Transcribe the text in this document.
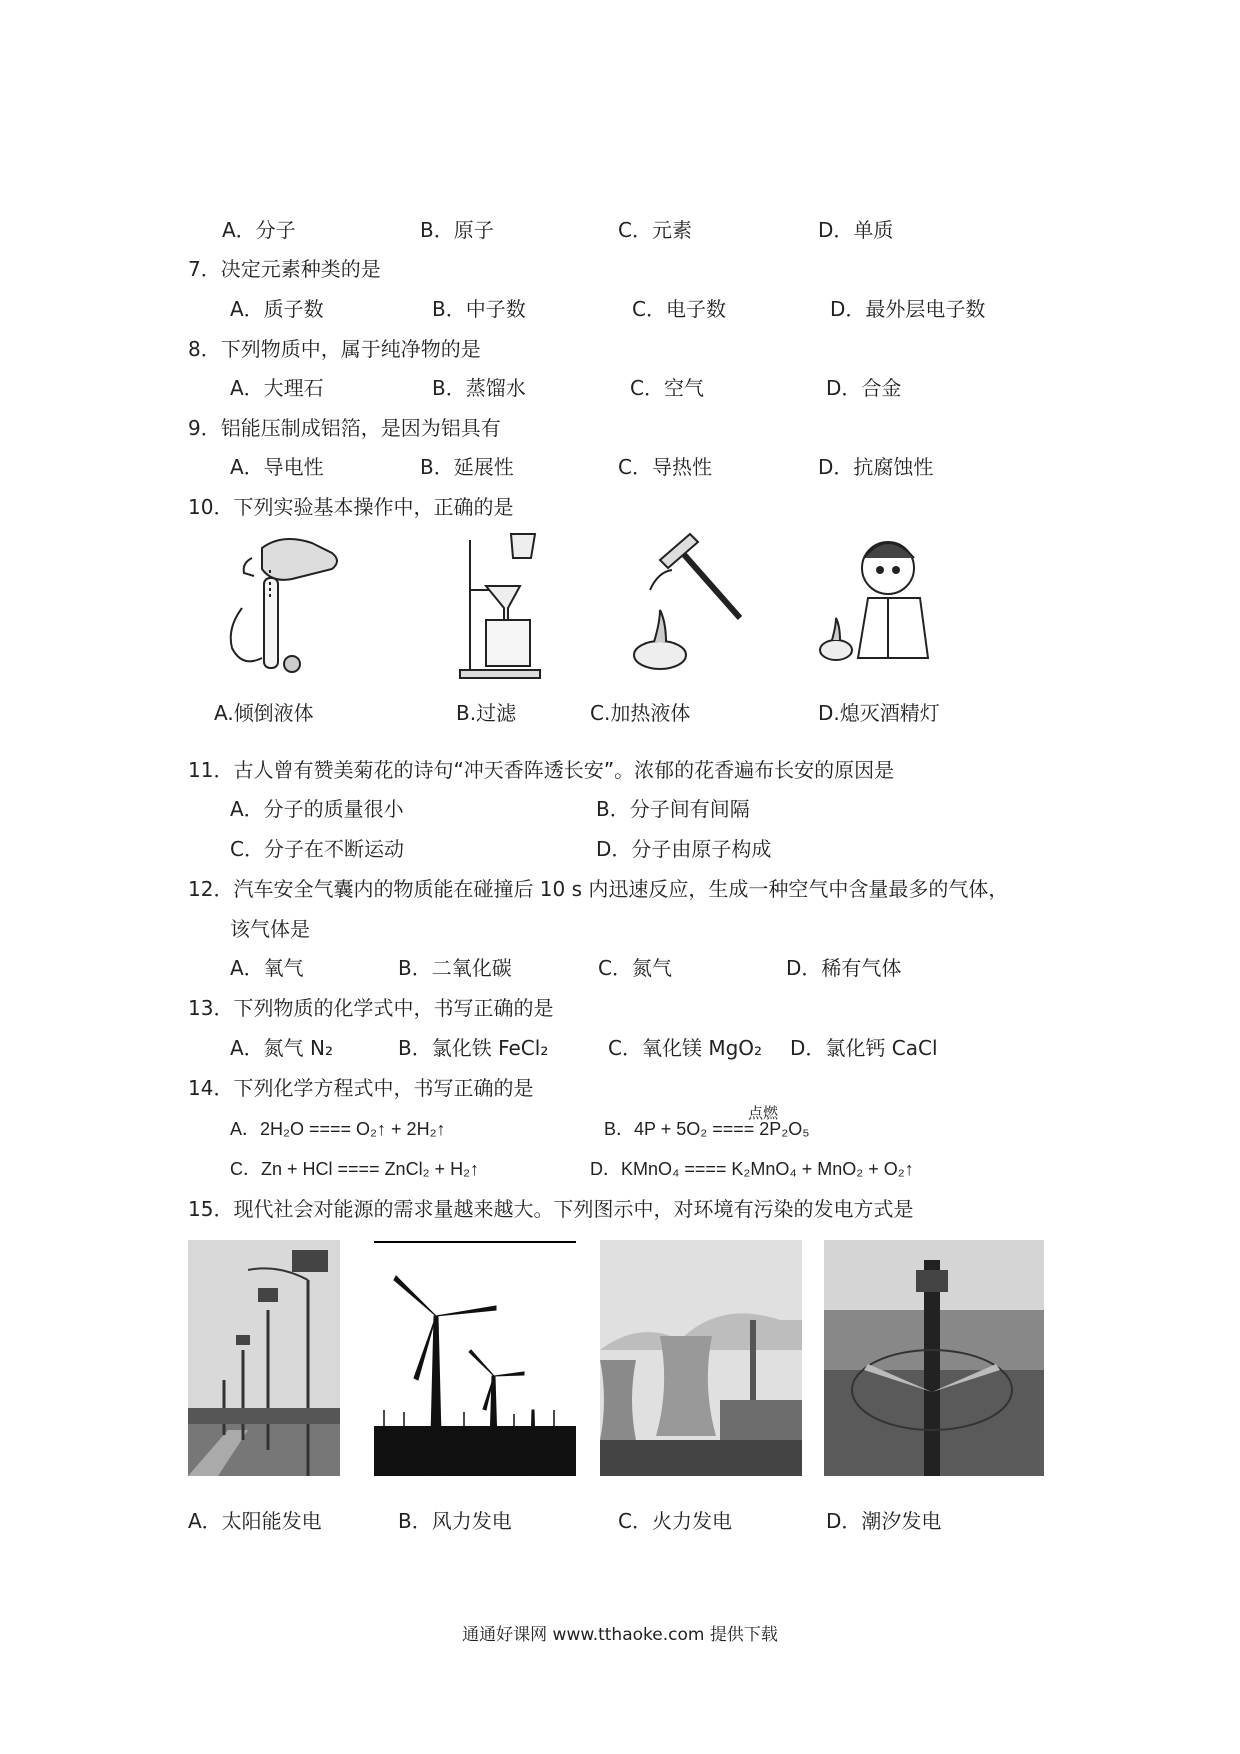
A．分子	B．原子	C．元素	D．单质
7．决定元素种类的是
A．质子数	B．中子数	C．电子数	D．最外层电子数
8．下列物质中，属于纯净物的是
A．大理石	B．蒸馏水	C．空气	D．合金
9．铝能压制成铝箔，是因为铝具有
A．导电性	B．延展性	C．导热性	D．抗腐蚀性
10．下列实验基本操作中，正确的是
A.倾倒液体	B.过滤	C.加热液体	D.熄灭酒精灯
11．古人曾有赞美菊花的诗句“冲天香阵透长安”。浓郁的花香遍布长安的原因是
A．分子的质量很小	B．分子间有间隔
C．分子在不断运动	D．分子由原子构成
12．汽车安全气囊内的物质能在碰撞后 10 s 内迅速反应，生成一种空气中含量最多的气体，
该气体是
A．氧气	B．二氧化碳	C．氮气	D．稀有气体
13．下列物质的化学式中，书写正确的是
A．氮气 N₂	B．氯化铁 FeCl₂	C．氧化镁 MgO₂ D．氯化钙 CaCl
14．下列化学方程式中，书写正确的是
A．2H₂O ==== O₂↑ + 2H₂↑
点燃
B．4P + 5O₂ ==== 2P₂O₅
C．Zn + HCl ==== ZnCl₂ + H₂↑	D．KMnO₄ ==== K₂MnO₄ + MnO₂ + O₂↑
15．现代社会对能源的需求量越来越大。下列图示中，对环境有污染的发电方式是
A．太阳能发电	B．风力发电	C．火力发电	D．潮汐发电
通通好课网 www.tthaoke.com 提供下载
